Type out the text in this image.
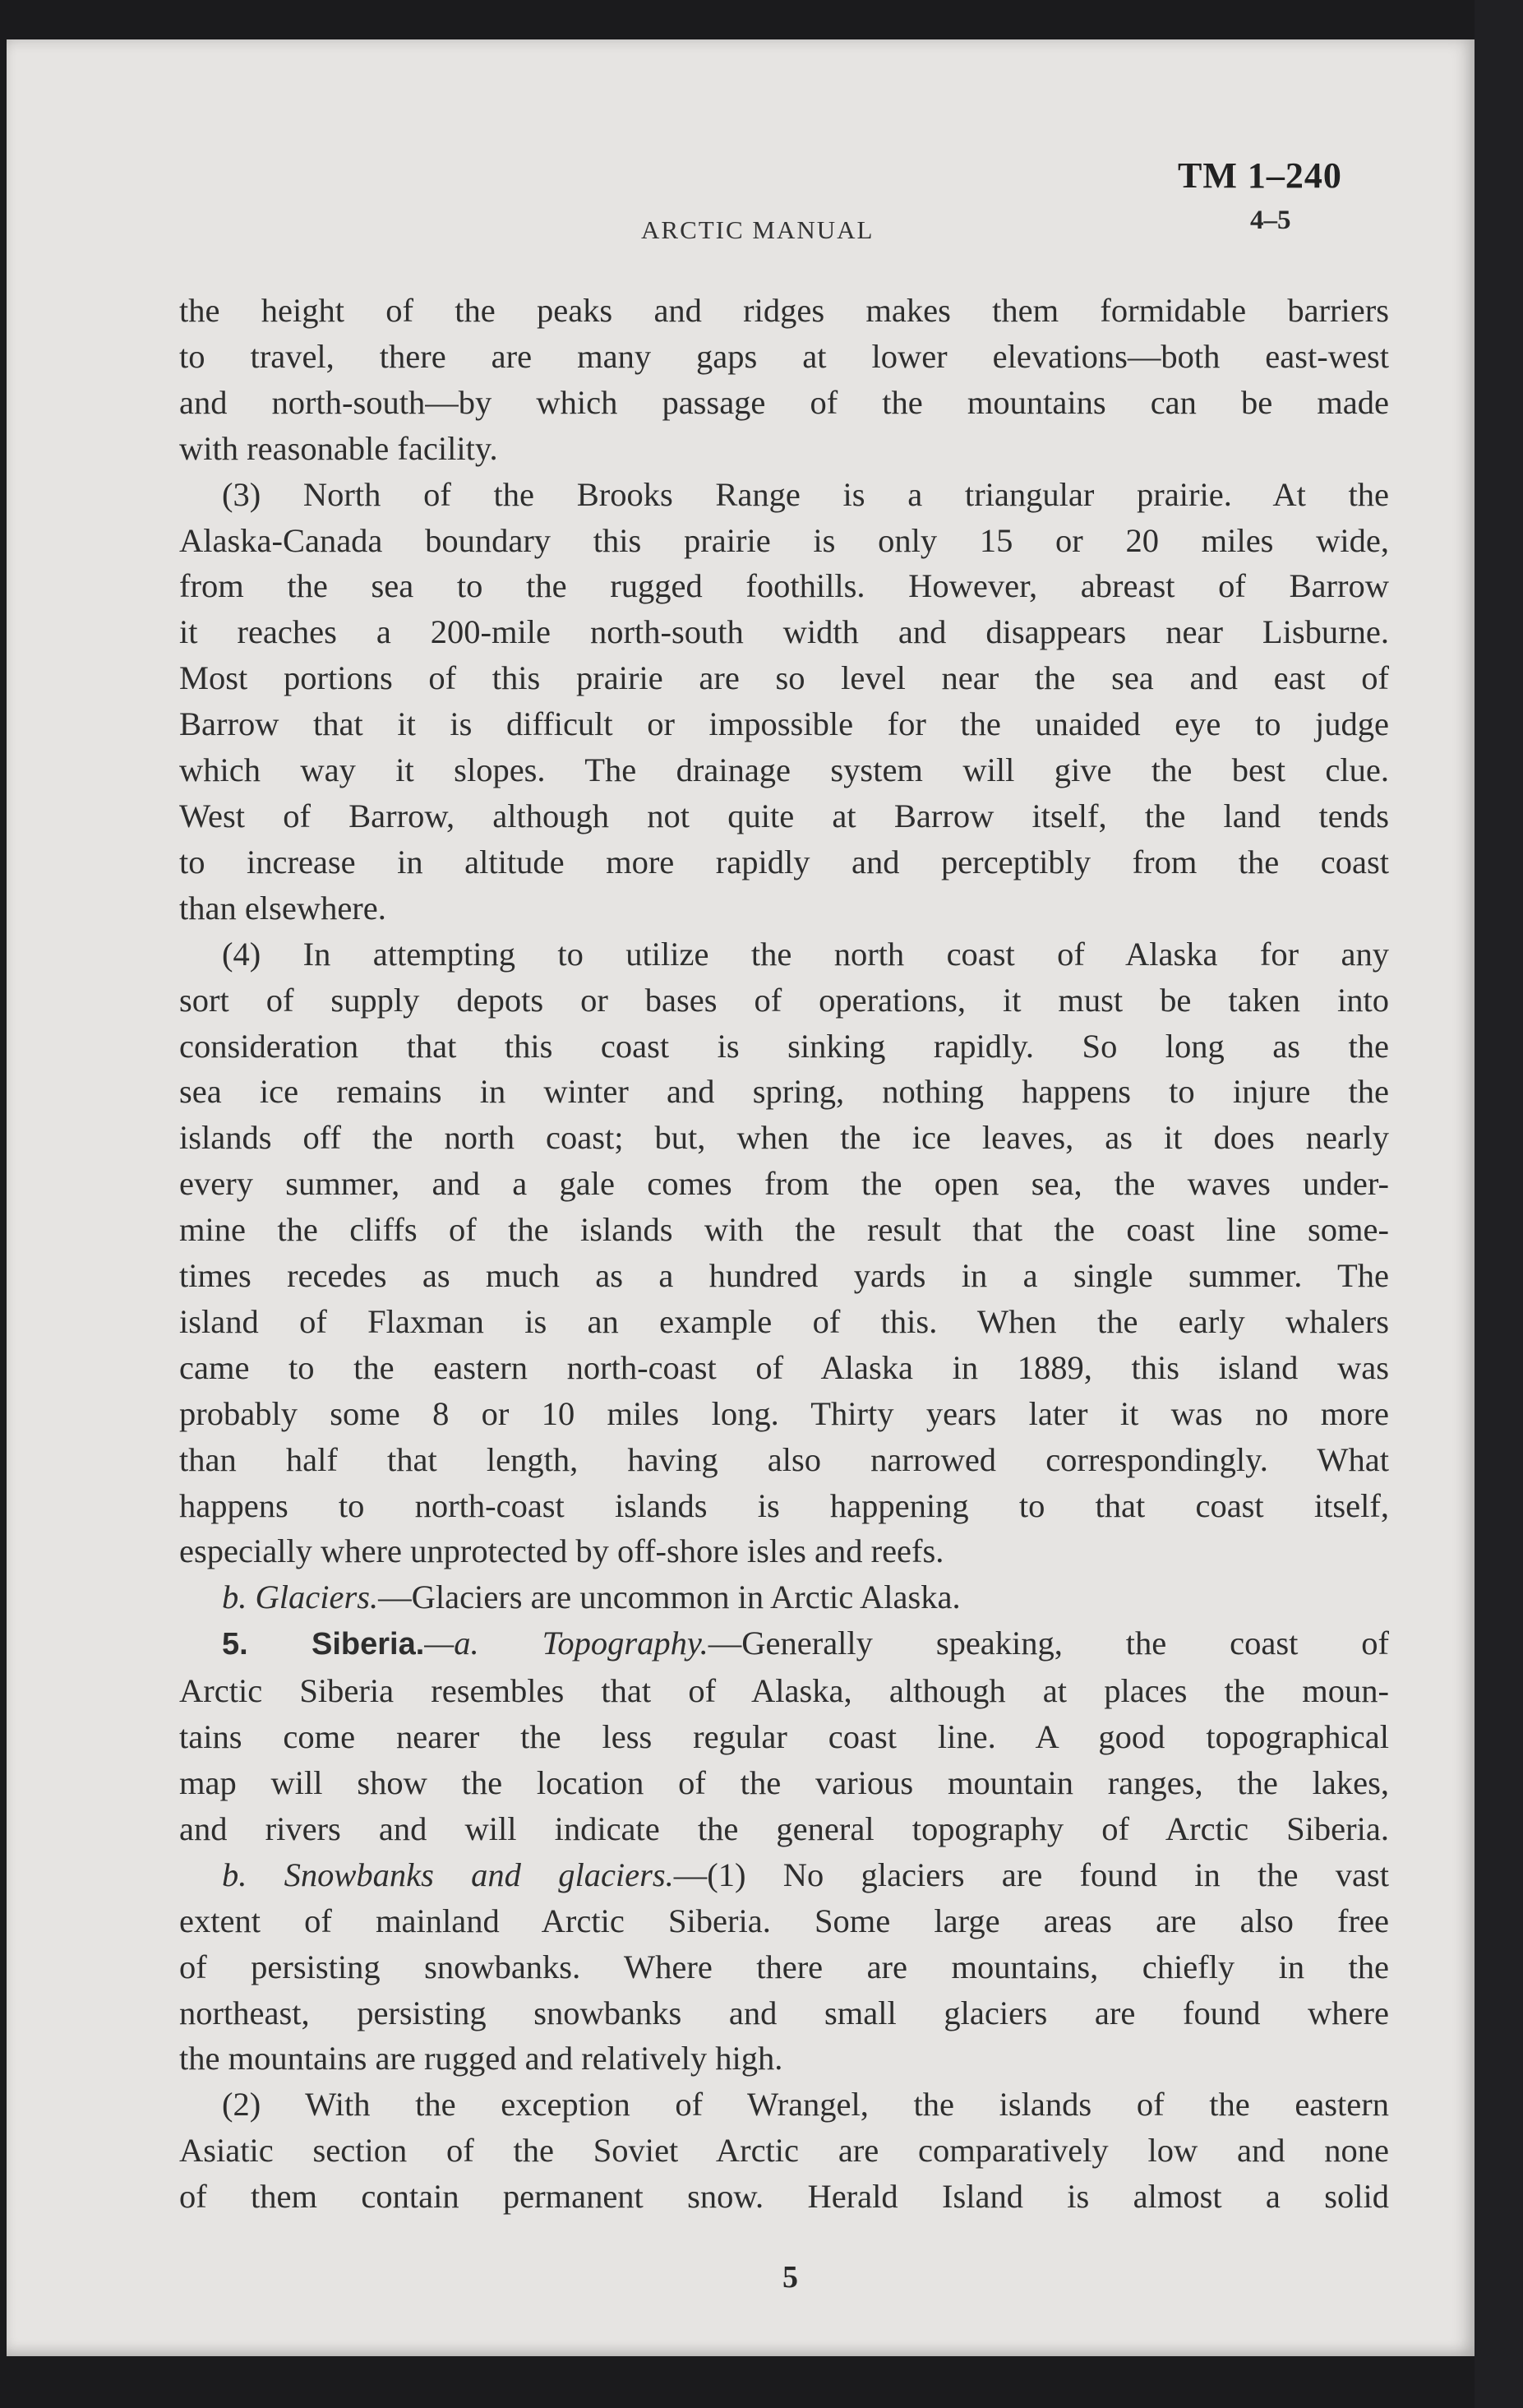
TM 1–240
ARCTIC MANUAL	4–5
the height of the peaks and ridges makes them formidable barriers
to travel, there are many gaps at lower elevations—both east-west
and north-south—by which passage of the mountains can be made
with reasonable facility.
(3) North of the Brooks Range is a triangular prairie. At the
Alaska-Canada boundary this prairie is only 15 or 20 miles wide,
from the sea to the rugged foothills. However, abreast of Barrow
it reaches a 200-mile north-south width and disappears near Lisburne.
Most portions of this prairie are so level near the sea and east of
Barrow that it is difficult or impossible for the unaided eye to judge
which way it slopes. The drainage system will give the best clue.
West of Barrow, although not quite at Barrow itself, the land tends
to increase in altitude more rapidly and perceptibly from the coast
than elsewhere.
(4) In attempting to utilize the north coast of Alaska for any
sort of supply depots or bases of operations, it must be taken into
consideration that this coast is sinking rapidly. So long as the
sea ice remains in winter and spring, nothing happens to injure the
islands off the north coast; but, when the ice leaves, as it does nearly
every summer, and a gale comes from the open sea, the waves under-
mine the cliffs of the islands with the result that the coast line some-
times recedes as much as a hundred yards in a single summer. The
island of Flaxman is an example of this. When the early whalers
came to the eastern north-coast of Alaska in 1889, this island was
probably some 8 or 10 miles long. Thirty years later it was no more
than half that length, having also narrowed correspondingly. What
happens to north-coast islands is happening to that coast itself,
especially where unprotected by off-shore isles and reefs.
b. Glaciers.—Glaciers are uncommon in Arctic Alaska.
5. Siberia.—a. Topography.—Generally speaking, the coast of
Arctic Siberia resembles that of Alaska, although at places the moun-
tains come nearer the less regular coast line. A good topographical
map will show the location of the various mountain ranges, the lakes,
and rivers and will indicate the general topography of Arctic Siberia.
b. Snowbanks and glaciers.—(1) No glaciers are found in the vast
extent of mainland Arctic Siberia. Some large areas are also free
of persisting snowbanks. Where there are mountains, chiefly in the
northeast, persisting snowbanks and small glaciers are found where
the mountains are rugged and relatively high.
(2) With the exception of Wrangel, the islands of the eastern
Asiatic section of the Soviet Arctic are comparatively low and none
of them contain permanent snow. Herald Island is almost a solid
5
